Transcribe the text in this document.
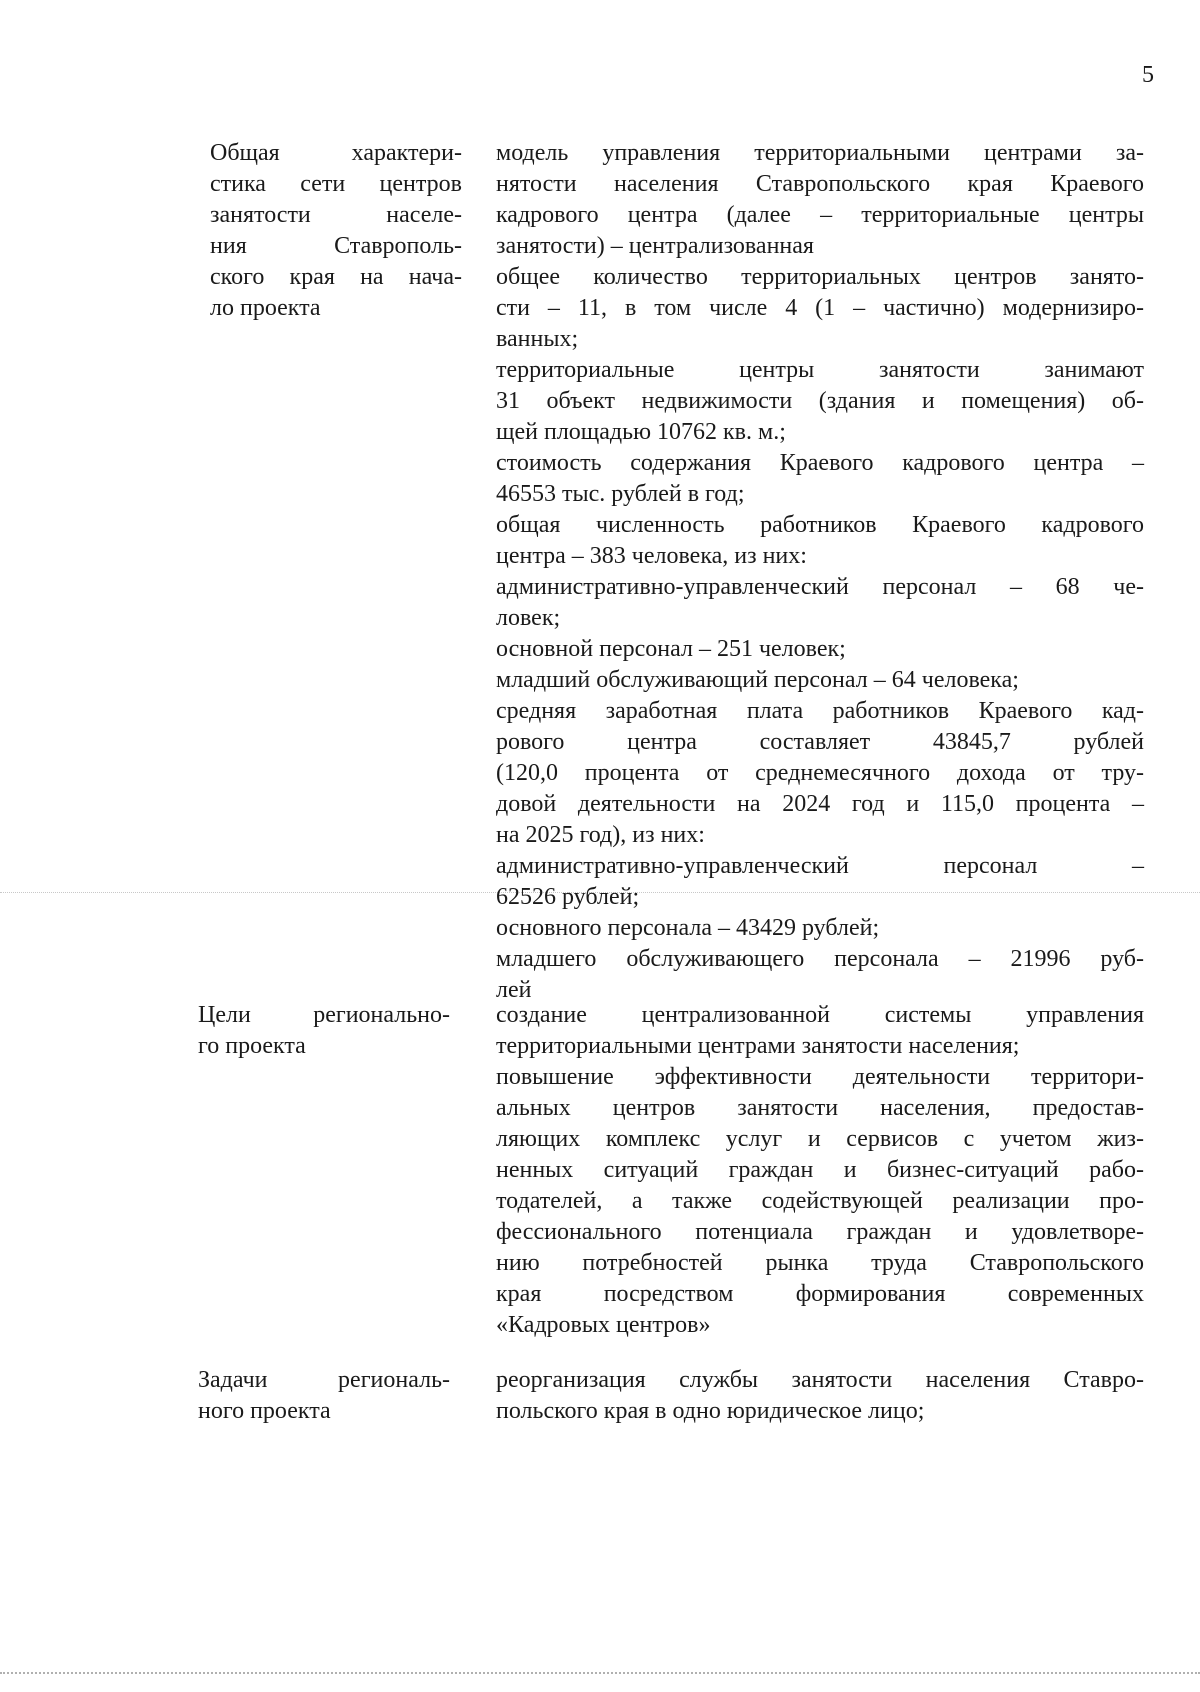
5
Общая характери-
стика сети центров
занятости населе-
ния Ставрополь-
ского края на нача-
ло проекта
модель управления территориальными центрами за-
нятости населения Ставропольского края Краевого
кадрового центра (далее – территориальные центры
занятости) – централизованная
общее количество территориальных центров занято-
сти – 11, в том числе 4 (1 – частично) модернизиро-
ванных;
территориальные центры занятости занимают
31 объект недвижимости (здания и помещения) об-
щей площадью 10762 кв. м.;
стоимость содержания Краевого кадрового центра –
46553 тыс. рублей в год;
общая численность работников Краевого кадрового
центра – 383 человека, из них:
административно-управленческий персонал – 68 че-
ловек;
основной персонал – 251 человек;
младший обслуживающий персонал – 64 человека;
средняя заработная плата работников Краевого кад-
рового центра составляет 43845,7 рублей
(120,0 процента от среднемесячного дохода от тру-
довой деятельности на 2024 год и 115,0 процента –
на 2025 год), из них:
административно-управленческий персонал –
62526 рублей;
основного персонала – 43429 рублей;
младшего обслуживающего персонала – 21996 руб-
лей
Цели регионально-
го проекта
создание централизованной системы управления
территориальными центрами занятости населения;
повышение эффективности деятельности территори-
альных центров занятости населения, предостав-
ляющих комплекс услуг и сервисов с учетом жиз-
ненных ситуаций граждан и бизнес-ситуаций рабо-
тодателей, а также содействующей реализации про-
фессионального потенциала граждан и удовлетворе-
нию потребностей рынка труда Ставропольского
края посредством формирования современных
«Кадровых центров»
Задачи региональ-
ного проекта
реорганизация службы занятости населения Ставро-
польского края в одно юридическое лицо;
